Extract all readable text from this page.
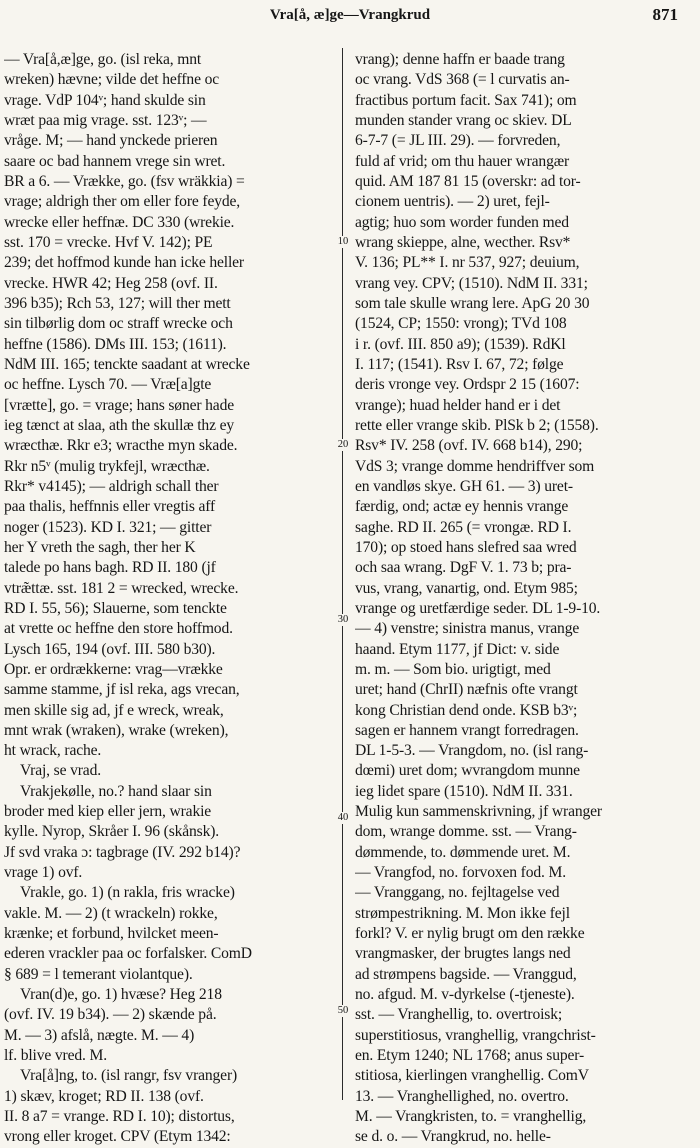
Vra[å, æ]ge—Vrangkrud	871
— Vra[å,æ]ge, go. (isl reka, mnt
wreken) hævne; vilde det heffne oc
vrage. VdP 104ᵛ; hand skulde sin
wræt paa mig vrage. sst. 123ᵛ; —
vråge. M; — hand ynckede prieren
saare oc bad hannem vrege sin wret.
BR a 6. — Vrække, go. (fsv wräkkia) =
vrage; aldrigh ther om eller fore feyde,
wrecke eller heffnæ. DC 330 (wrekie.
sst. 170 = vrecke. Hvf V. 142); PE
239; det hoffmod kunde han icke heller
vrecke. HWR 42; Heg 258 (ovf. II.
396 b35); Rch 53, 127; will ther mett
sin tilbørlig dom oc straff wrecke och
heffne (1586). DMs III. 153; (1611).
NdM III. 165; tenckte saadant at wrecke
oc heffne. Lysch 70. — Vræ[a]gte
[vrætte], go. = vrage; hans søner hade
ieg tænct at slaa, ath the skullæ thz ey
wræcthæ. Rkr e3; wracthe myn skade.
Rkr n5ᵛ (mulig trykfejl, wræcthæ.
Rkr* v4145); — aldrigh schall ther
paa thalis, heffnnis eller vregtis aff
noger (1523). KD I. 321; — gitter
her Y vreth the sagh, ther her K
talede po hans bagh. RD II. 180 (jf
vtræ̃ttæ. sst. 181 2 = wrecked, wrecke.
RD I. 55, 56); Slauerne, som tenckte
at vrette oc heffne den store hoffmod.
Lysch 165, 194 (ovf. III. 580 b30).
Opr. er ordrækkerne: vrag—vrække
samme stamme, jf isl reka, ags vrecan,
men skille sig ad, jf e wreck, wreak,
mnt wrak (wraken), wrake (wreken),
ht wrack, rache.
Vraj, se vrad.
Vrakjekølle, no.? hand slaar sin
broder med kiep eller jern, wrakie
kylle. Nyrop, Skråer I. 96 (skånsk).
Jf svd vraka ɔ: tagbrage (IV. 292 b14)?
vrage 1) ovf.
Vrakle, go. 1) (n rakla, fris wracke)
vakle. M. — 2) (t wrackeln) rokke,
krænke; et forbund, hvilcket meen-
ederen vrackler paa oc forfalsker. ComD
§ 689 = l temerant violantque).
Vran(d)e, go. 1) hvæse? Heg 218
(ovf. IV. 19 b34). — 2) skænde på.
M. — 3) afslå, nægte. M. — 4)
lf. blive vred. M.
Vra[å]ng, to. (isl rangr, fsv vranger)
1) skæv, kroget; RD II. 138 (ovf.
II. 8 a7 = vrange. RD I. 10); distortus,
vrong eller kroget. CPV (Etym 1342:
vrang); denne haffn er baade trang
oc vrang. VdS 368 (= l curvatis an-
fractibus portum facit. Sax 741); om
munden stander vrang oc skiev. DL
6-7-7 (= JL III. 29). — forvreden,
fuld af vrid; om thu hauer wrangær
quid. AM 187 81 15 (overskr: ad tor-
cionem uentris). — 2) uret, fejl-
agtig; huo som worder funden med
wrang skieppe, alne, wecther. Rsv*
V. 136; PL** I. nr 537, 927; deuium,
vrang vey. CPV; (1510). NdM II. 331;
som tale skulle wrang lere. ApG 20 30
(1524, CP; 1550: vrong); TVd 108
i r. (ovf. III. 850 a9); (1539). RdKl
I. 117; (1541). Rsv I. 67, 72; følge
deris vronge vey. Ordspr 2 15 (1607:
vrange); huad helder hand er i det
rette eller vrange skib. PlSk b 2; (1558).
Rsv* IV. 258 (ovf. IV. 668 b14), 290;
VdS 3; vrange domme hendriffver som
en vandløs skye. GH 61. — 3) uret-
færdig, ond; actæ ey hennis vrange
saghe. RD II. 265 (= vrongæ. RD I.
170); op stoed hans slefred saa wred
och saa wrang. DgF V. 1. 73 b; pra-
vus, vrang, vanartig, ond. Etym 985;
vrange og uretfærdige seder. DL 1-9-10.
— 4) venstre; sinistra manus, vrange
haand. Etym 1177, jf Dict: v. side
m. m. — Som bio. urigtigt, med
uret; hand (ChrII) næfnis ofte vrangt
kong Christian dend onde. KSB b3ᵛ;
sagen er hannem vrangt forredragen.
DL 1-5-3. — Vrangdom, no. (isl rang-
dœmi) uret dom; wvrangdom munne
ieg lidet spare (1510). NdM II. 331.
Mulig kun sammenskrivning, jf wranger
dom, wrange domme. sst. — Vrang-
dømmende, to. dømmende uret. M.
— Vrangfod, no. forvoxen fod. M.
— Vranggang, no. fejltagelse ved
strømpestrikning. M. Mon ikke fejl
forkl? V. er nylig brugt om den række
vrangmasker, der brugtes langs ned
ad strømpens bagside. — Vranggud,
no. afgud. M. v-dyrkelse (-tjeneste).
sst. — Vranghellig, to. overtroisk;
superstitiosus, vranghellig, vrangchrist-
en. Etym 1240; NL 1768; anus super-
stitiosa, kierlingen vranghellig. ComV
13. — Vranghellighed, no. overtro.
M. — Vrangkristen, to. = vranghellig,
se d. o. — Vrangkrud, no. helle-
10
20
30
40
50
